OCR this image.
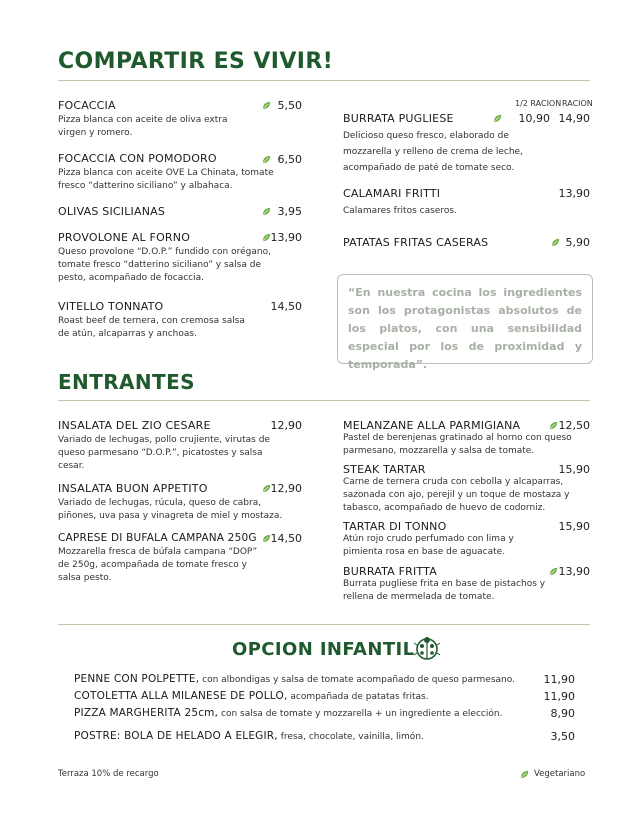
COMPARTIR ES VIVIR!
FOCACCIA
Pizza blanca con aceite de oliva extra virgen y romero.
5,50
FOCACCIA CON POMODORO
Pizza blanca con aceite OVE La Chinata, tomate fresco “datterino siciliano” y albahaca.
6,50
OLIVAS SICILIANAS	3,95
PROVOLONE AL FORNO
Queso provolone “D.O.P.” fundido con orégano, tomate fresco “datterino siciliano” y salsa de pesto, acompañado de focaccia.
13,90
VITELLO TONNATO
Roast beef de ternera, con cremosa salsa de atún, alcaparras y anchoas.
14,50
1/2 RACION RACION
BURRATA PUGLIESE
Delicioso queso fresco, elaborado de mozzarella y relleno de crema de leche, acompañado de paté de tomate seco.
10,90 14,90
CALAMARI FRITTI
Calamares fritos caseros.
13,90
PATATAS FRITAS CASERAS	5,90
“En nuestra cocina los ingredientes son los protagonistas absolutos de los platos, con una sensibilidad especial por los de proximidad y temporada”.
ENTRANTES
INSALATA DEL ZIO CESARE
Variado de lechugas, pollo crujiente, virutas de queso parmesano “D.O.P.”, picatostes y salsa cesar.
12,90
INSALATA BUON APPETITO
Variado de lechugas, rúcula, queso de cabra, piñones, uva pasa y vinagreta de miel y mostaza.
12,90
CAPRESE DI BUFALA CAMPANA 250G
Mozzarella fresca de búfala campana “DOP” de 250g, acompañada de tomate fresco y salsa pesto.
14,50
MELANZANE ALLA PARMIGIANA
Pastel de berenjenas gratinado al horno con queso parmesano, mozzarella y salsa de tomate.
12,50
STEAK TARTAR
Carne de ternera cruda con cebolla y alcaparras, sazonada con ajo, perejil y un toque de mostaza y tabasco, acompañado de huevo de codorniz.
15,90
TARTAR DI TONNO
Atún rojo crudo perfumado con lima y pimienta rosa en base de aguacate.
15,90
BURRATA FRITTA
Burrata pugliese frita en base de pistachos y rellena de mermelada de tomate.
13,90
OPCION INFANTIL
PENNE CON POLPETTE, con albondigas y salsa de tomate acompañado de queso parmesano.	11,90
COTOLETTA ALLA MILANESE DE POLLO, acompañada de patatas fritas.	11,90
PIZZA MARGHERITA 25cm, con salsa de tomate y mozzarella + un ingrediente a elección.	8,90
POSTRE: BOLA DE HELADO A ELEGIR, fresa, chocolate, vainilla, limón.	3,50
Terraza 10% de recargo	Vegetariano
